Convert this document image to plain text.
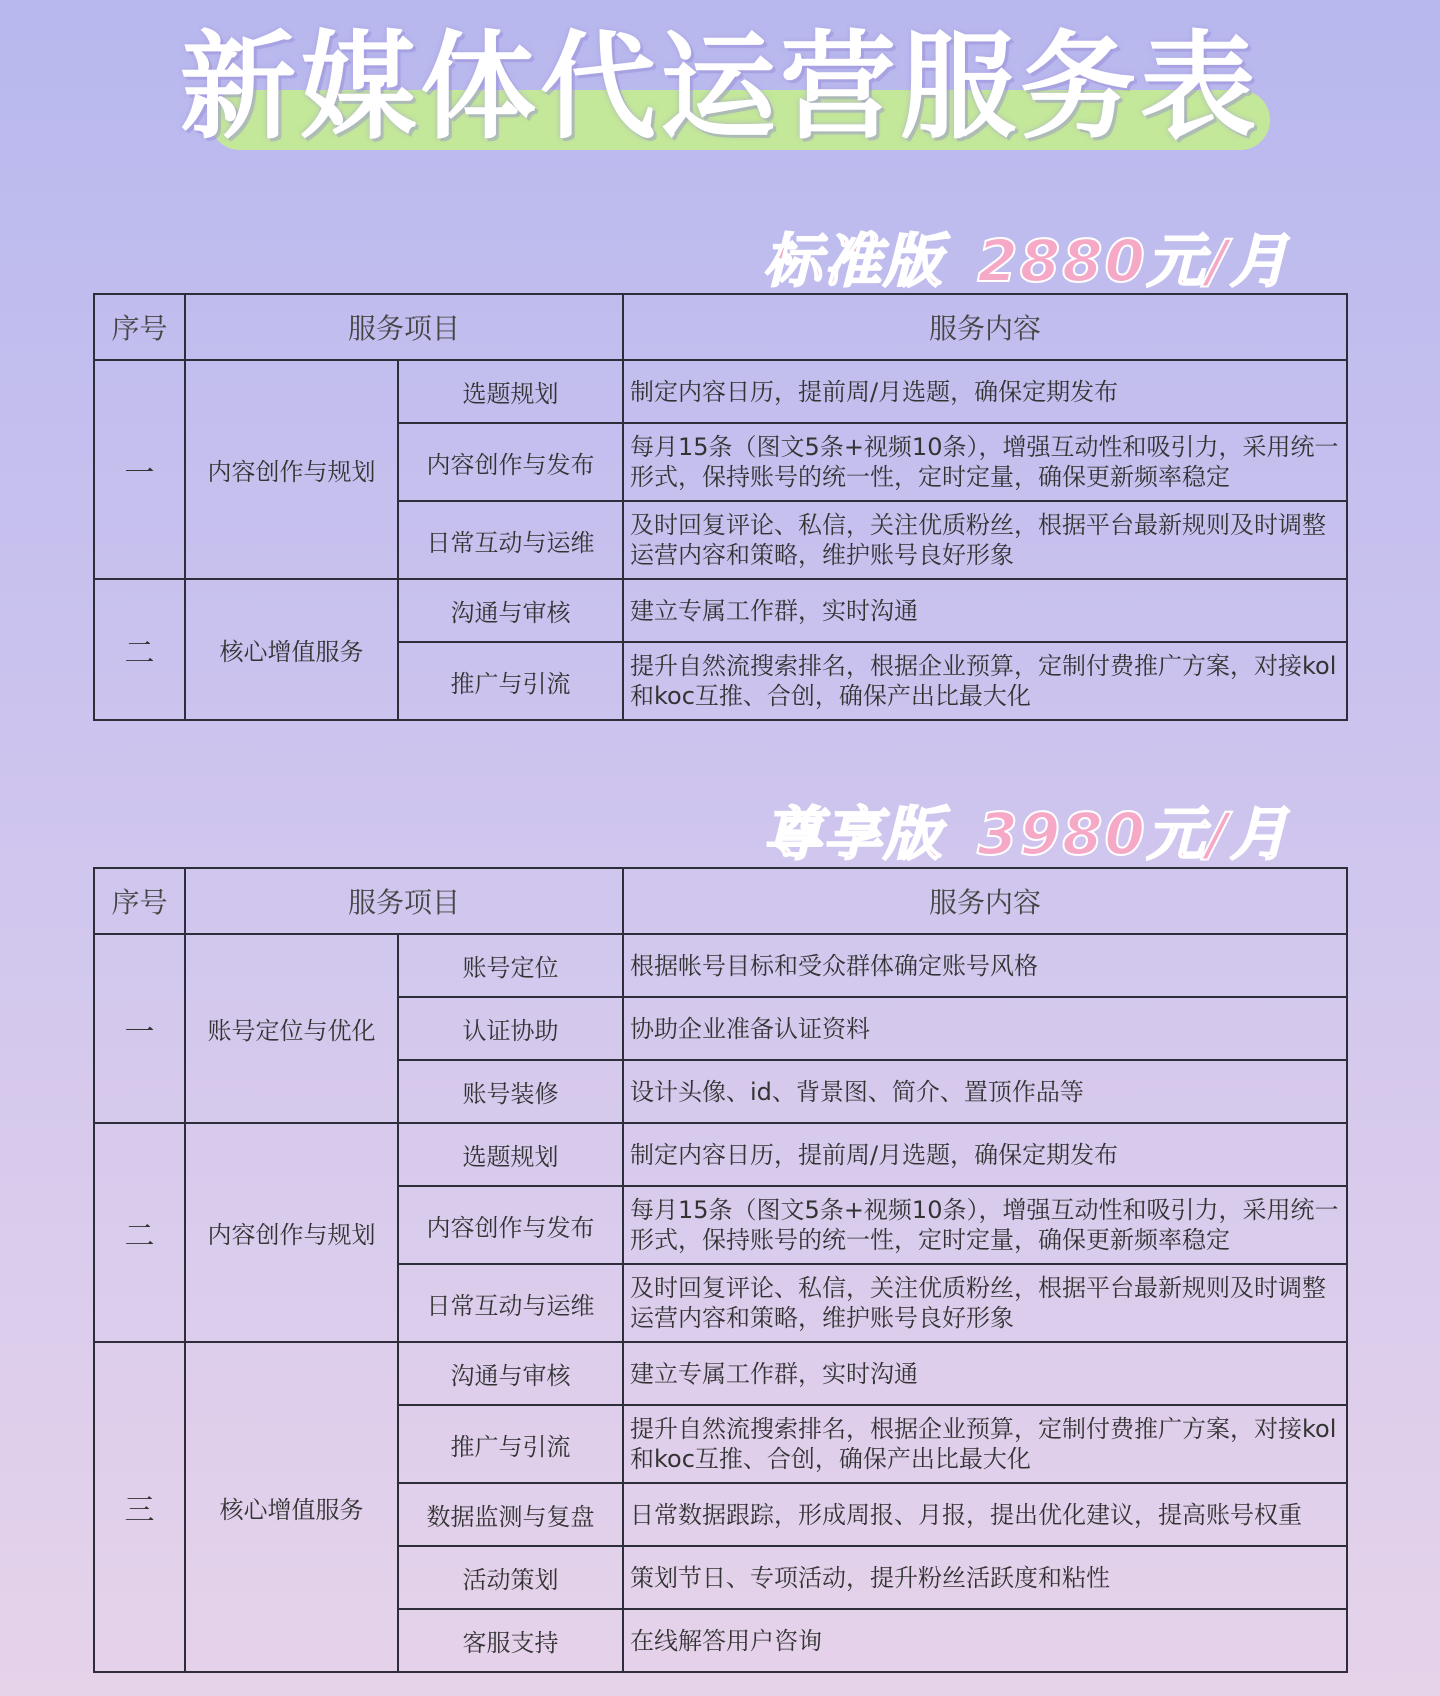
新媒体代运营服务表
标准版 2880元/月
序号	服务项目		服务内容
一	内容创作与规划	选题规划	制定内容日历，提前周/月选题，确保定期发布
		内容创作与发布	每月15条（图文5条+视频10条），增强互动性和吸引力，采用统一形式，保持账号的统一性，定时定量，确保更新频率稳定
		日常互动与运维	及时回复评论、私信，关注优质粉丝，根据平台最新规则及时调整运营内容和策略，维护账号良好形象
二	核心增值服务	沟通与审核	建立专属工作群，实时沟通
		推广与引流	提升自然流搜索排名，根据企业预算，定制付费推广方案，对接kol和koc互推、合创，确保产出比最大化
尊享版 3980元/月
序号	服务项目		服务内容
一	账号定位与优化	账号定位	根据帐号目标和受众群体确定账号风格
		认证协助	协助企业准备认证资料
		账号装修	设计头像、id、背景图、简介、置顶作品等
二	内容创作与规划	选题规划	制定内容日历，提前周/月选题，确保定期发布
		内容创作与发布	每月15条（图文5条+视频10条），增强互动性和吸引力，采用统一形式，保持账号的统一性，定时定量，确保更新频率稳定
		日常互动与运维	及时回复评论、私信，关注优质粉丝，根据平台最新规则及时调整运营内容和策略，维护账号良好形象
三	核心增值服务	沟通与审核	建立专属工作群，实时沟通
		推广与引流	提升自然流搜索排名，根据企业预算，定制付费推广方案，对接kol和koc互推、合创，确保产出比最大化
		数据监测与复盘	日常数据跟踪，形成周报、月报，提出优化建议，提高账号权重
		活动策划	策划节日、专项活动，提升粉丝活跃度和粘性
		客服支持	在线解答用户咨询
